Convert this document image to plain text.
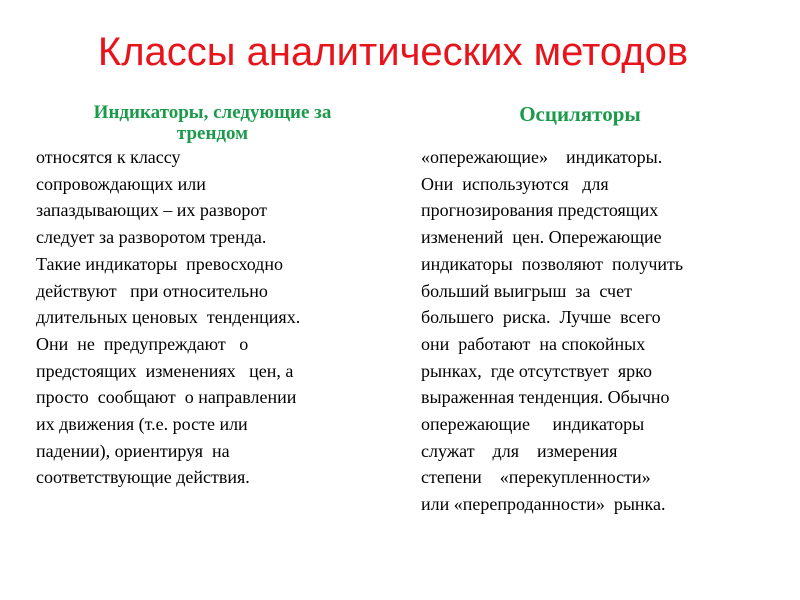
Классы аналитических методов
Индикаторы, следующие за трендом
относятся к классу
сопровождающих или
запаздывающих – их разворот
следует за разворотом тренда.
Такие индикаторы  превосходно
действуют   при относительно
длительных ценовых  тенденциях.
Они  не  предупреждают   о
предстоящих  изменениях   цен, а
просто  сообщают  о направлении
их движения (т.е. росте или
падении), ориентируя  на
соответствующие действия.
Осциляторы
«опережающие»    индикаторы.
Они  используются   для
прогнозирования предстоящих
изменений  цен. Опережающие
индикаторы  позволяют  получить
больший выигрыш  за  счет
большего  риска.  Лучше  всего
они  работают  на спокойных
рынках,  где отсутствует  ярко
выраженная тенденция. Обычно
опережающие     индикаторы
служат    для    измерения
степени    «перекупленности»
или «перепроданности»  рынка.
